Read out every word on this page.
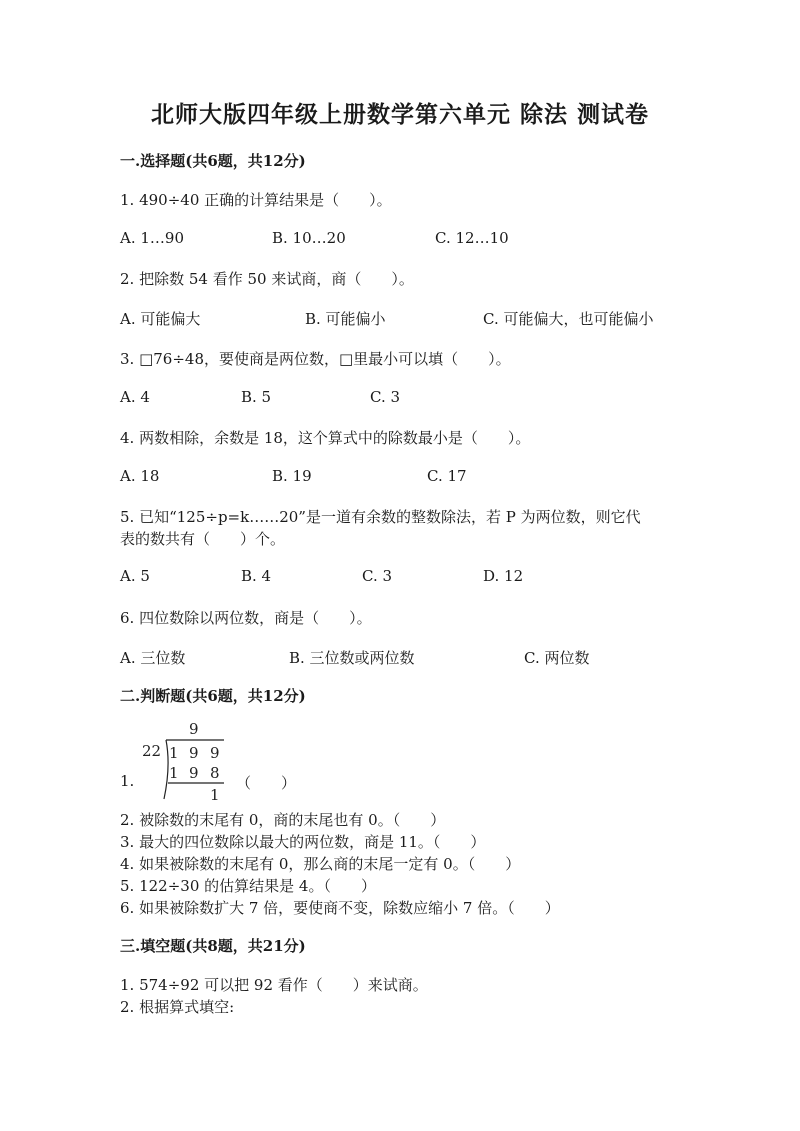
北师大版四年级上册数学第六单元 除法 测试卷
一.选择题(共6题，共12分)
1. 490÷40 正确的计算结果是（　　）。
A. 1…90	B. 10…20	C. 12…10
2. 把除数 54 看作 50 来试商，商（　　）。
A. 可能偏大	B. 可能偏小	C. 可能偏大，也可能偏小
3. □76÷48，要使商是两位数，□里最小可以填（　　）。
A. 4	B. 5	C. 3
4. 两数相除，余数是 18，这个算式中的除数最小是（　　）。
A. 18	B. 19	C. 17
5. 已知“125÷p=k……20”是一道有余数的整数除法，若 P 为两位数，则它代
表的数共有（　　）个。
A. 5	B. 4	C. 3	D. 12
6. 四位数除以两位数，商是（　　）。
A. 三位数	B. 三位数或两位数	C. 两位数
二.判断题(共6题，共12分)
9
22 1 9 9
1 9 8
1
1.	（　　）
2. 被除数的末尾有 0，商的末尾也有 0。（　　）
3. 最大的四位数除以最大的两位数，商是 11。（　　）
4. 如果被除数的末尾有 0，那么商的末尾一定有 0。（　　）
5. 122÷30 的估算结果是 4。（　　）
6. 如果被除数扩大 7 倍，要使商不变，除数应缩小 7 倍。（　　）
三.填空题(共8题，共21分)
1. 574÷92 可以把 92 看作（　　）来试商。
2. 根据算式填空:
